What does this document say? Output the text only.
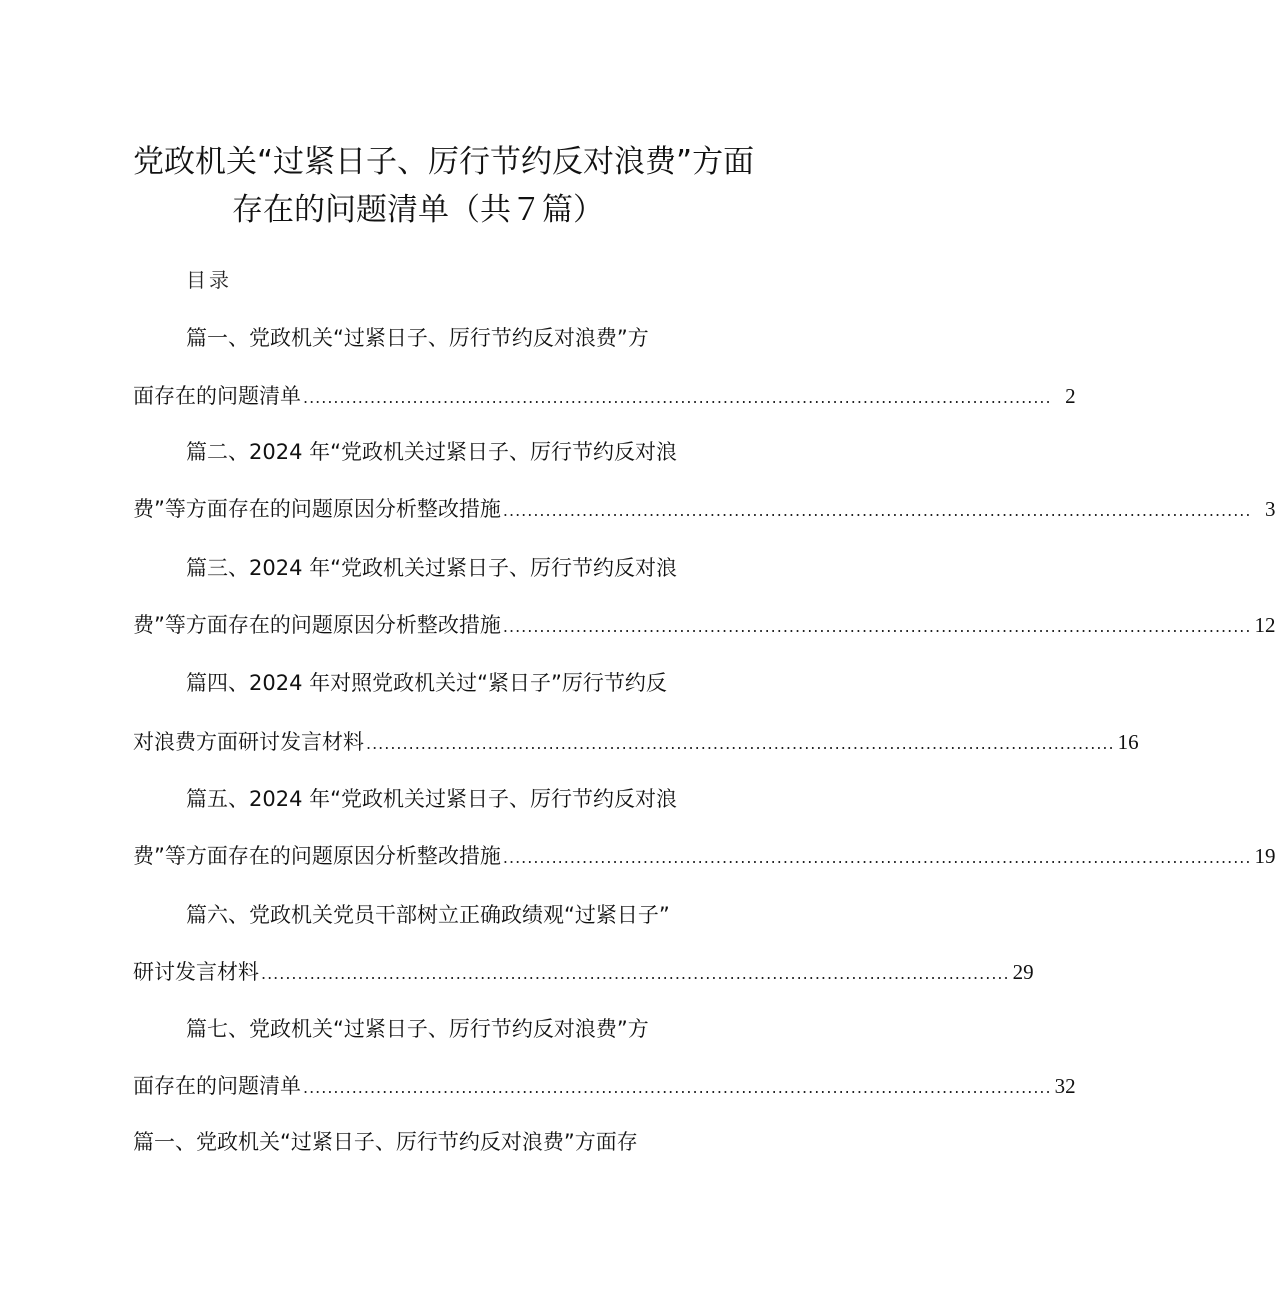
党政机关“过紧日子、厉行节约反对浪费”方面
存在的问题清单（共７篇）
目录
篇一、党政机关“过紧日子、厉行节约反对浪费”方
面存在的问题清单 ........................................................................................................................... 2
篇二、2024 年“党政机关过紧日子、厉行节约反对浪
费”等方面存在的问题原因分析整改措施 ........................................................................................................................... 3
篇三、2024 年“党政机关过紧日子、厉行节约反对浪
费”等方面存在的问题原因分析整改措施 ........................................................................................................................... 12
篇四、2024 年对照党政机关过“紧日子”厉行节约反
对浪费方面研讨发言材料 ........................................................................................................................... 16
篇五、2024 年“党政机关过紧日子、厉行节约反对浪
费”等方面存在的问题原因分析整改措施 ........................................................................................................................... 19
篇六、党政机关党员干部树立正确政绩观“过紧日子”
研讨发言材料 ........................................................................................................................... 29
篇七、党政机关“过紧日子、厉行节约反对浪费”方
面存在的问题清单 ........................................................................................................................... 32
篇一、党政机关“过紧日子、厉行节约反对浪费”方面存
